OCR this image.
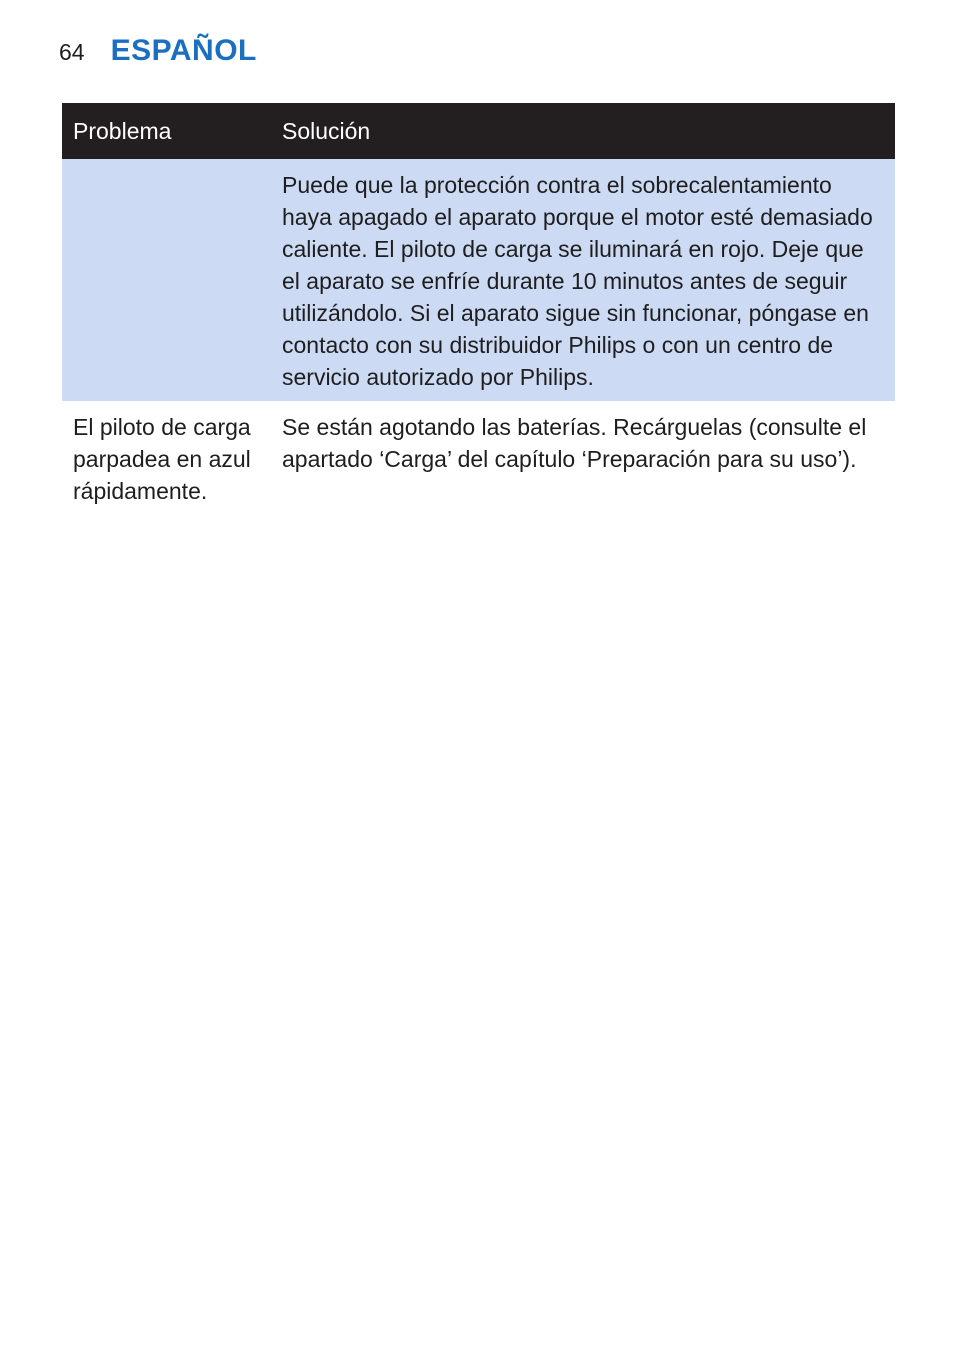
64 ESPAÑOL
Problema	Solución
	Puede que la protección contra el sobrecalentamiento haya apagado el aparato porque el motor esté demasiado caliente. El piloto de carga se iluminará en rojo. Deje que el aparato se enfríe durante 10 minutos antes de seguir utilizándolo. Si el aparato sigue sin funcionar, póngase en contacto con su distribuidor Philips o con un centro de servicio autorizado por Philips.
El piloto de carga parpadea en azul rápidamente.	Se están agotando las baterías. Recárguelas (consulte el apartado ‘Carga’ del capítulo ‘Preparación para su uso’).
